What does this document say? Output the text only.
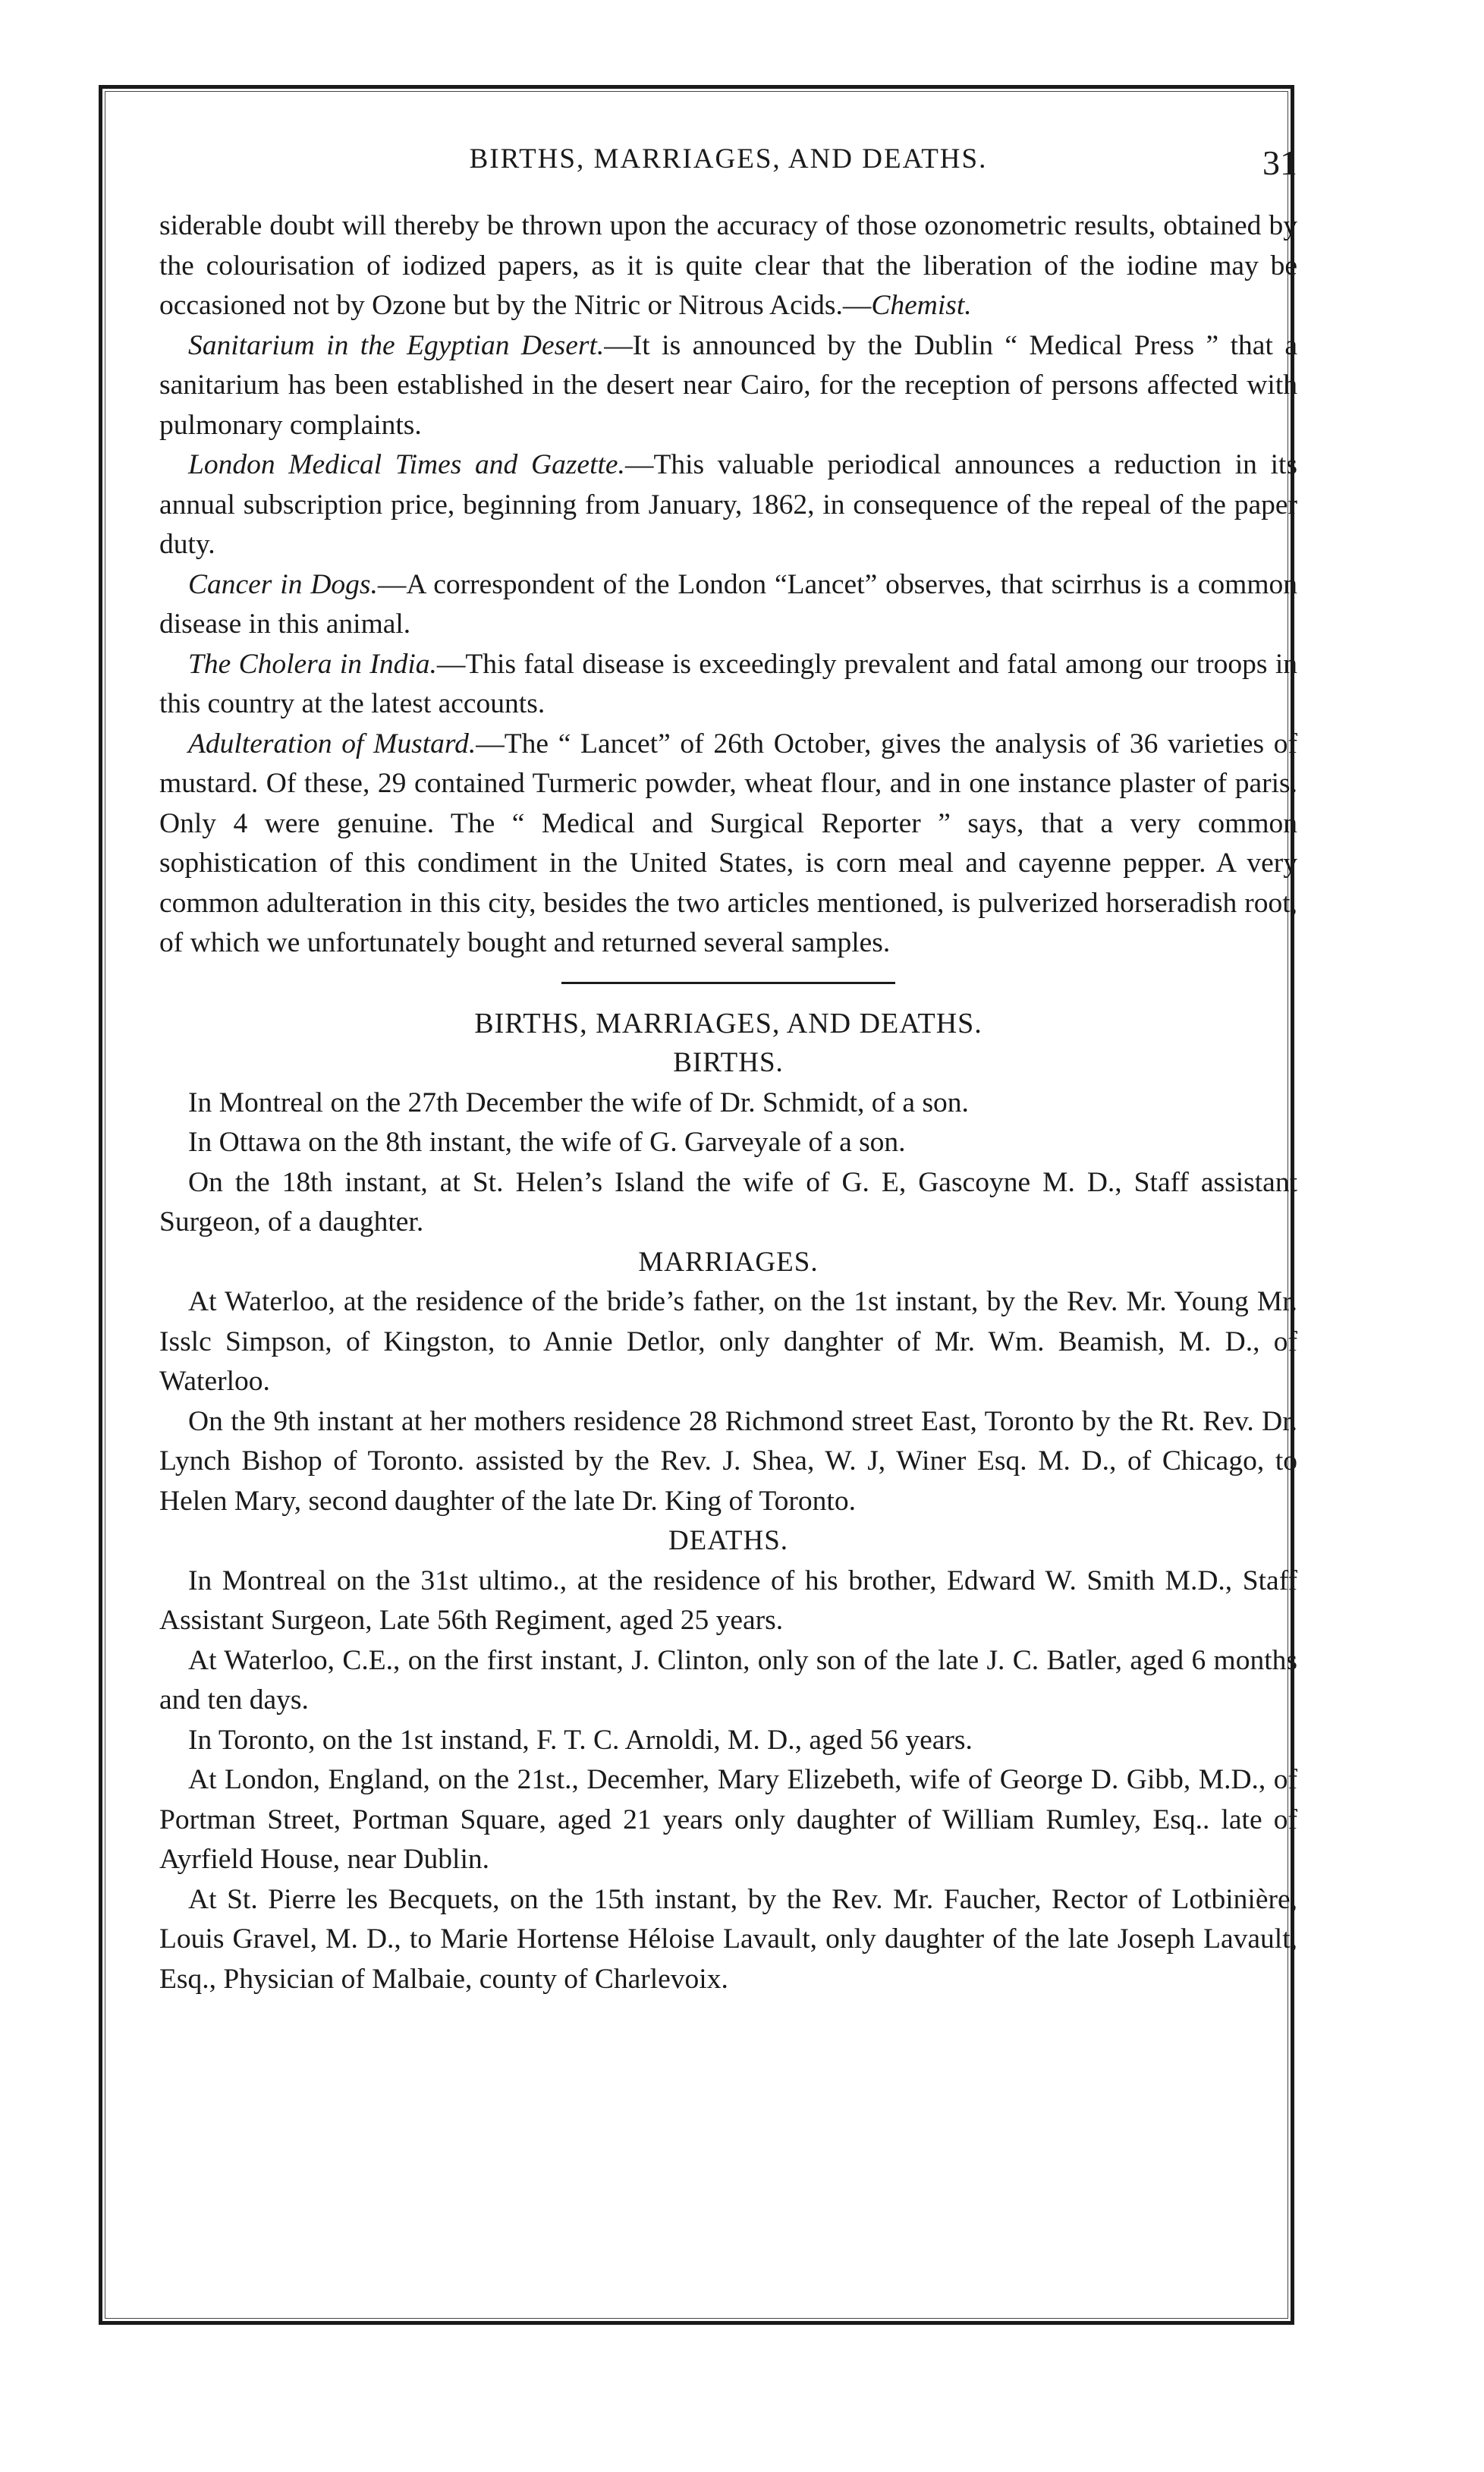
BIRTHS, MARRIAGES, AND DEATHS.	31

siderable doubt will thereby be thrown upon the accuracy of those ozonometric results, obtained by the colourisation of iodized papers, as it is quite clear that the liberation of the iodine may be occasioned not by Ozone but by the Nitric or Nitrous Acids.—Chemist.

Sanitarium in the Egyptian Desert.—It is announced by the Dublin “ Medical Press ” that a sanitarium has been established in the desert near Cairo, for the reception of persons affected with pulmonary complaints.

London Medical Times and Gazette.—This valuable periodical announces a reduction in its annual subscription price, beginning from January, 1862, in consequence of the repeal of the paper duty.

Cancer in Dogs.—A correspondent of the London “Lancet” observes, that scirrhus is a common disease in this animal.

The Cholera in India.—This fatal disease is exceedingly prevalent and fatal among our troops in this country at the latest accounts.

Adulteration of Mustard.—The “ Lancet” of 26th October, gives the analysis of 36 varieties of mustard. Of these, 29 contained Turmeric powder, wheat flour, and in one instance plaster of paris. Only 4 were genuine. The “ Medical and Surgical Reporter ” says, that a very common sophistication of this condiment in the United States, is corn meal and cayenne pepper. A very common adulteration in this city, besides the two articles mentioned, is pulverized horseradish root, of which we unfortunately bought and returned several samples.

BIRTHS, MARRIAGES, AND DEATHS.
BIRTHS.

In Montreal on the 27th December the wife of Dr. Schmidt, of a son.

In Ottawa on the 8th instant, the wife of G. Garveyale of a son.

On the 18th instant, at St. Helen’s Island the wife of G. E, Gascoyne M. D., Staff assistant Surgeon, of a daughter.

MARRIAGES.

At Waterloo, at the residence of the bride’s father, on the 1st instant, by the Rev. Mr. Young Mr. Isslc Simpson, of Kingston, to Annie Detlor, only danghter of Mr. Wm. Beamish, M. D., of Waterloo.

On the 9th instant at her mothers residence 28 Richmond street East, Toronto by the Rt. Rev. Dr. Lynch Bishop of Toronto. assisted by the Rev. J. Shea, W. J, Winer Esq. M. D., of Chicago, to Helen Mary, second daughter of the late Dr. King of Toronto.

DEATHS.

In Montreal on the 31st ultimo., at the residence of his brother, Edward W. Smith M.D., Staff Assistant Surgeon, Late 56th Regiment, aged 25 years.

At Waterloo, C.E., on the first instant, J. Clinton, only son of the late J. C. Batler, aged 6 months and ten days.

In Toronto, on the 1st instand, F. T. C. Arnoldi, M. D., aged 56 years.

At London, England, on the 21st., Decemher, Mary Elizebeth, wife of George D. Gibb, M.D., of Portman Street, Portman Square, aged 21 years only daughter of William Rumley, Esq.. late of Ayrfield House, near Dublin.

At St. Pierre les Becquets, on the 15th instant, by the Rev. Mr. Faucher, Rector of Lotbinière, Louis Gravel, M. D., to Marie Hortense Héloise Lavault, only daughter of the late Joseph Lavault, Esq., Physician of Malbaie, county of Charlevoix.
